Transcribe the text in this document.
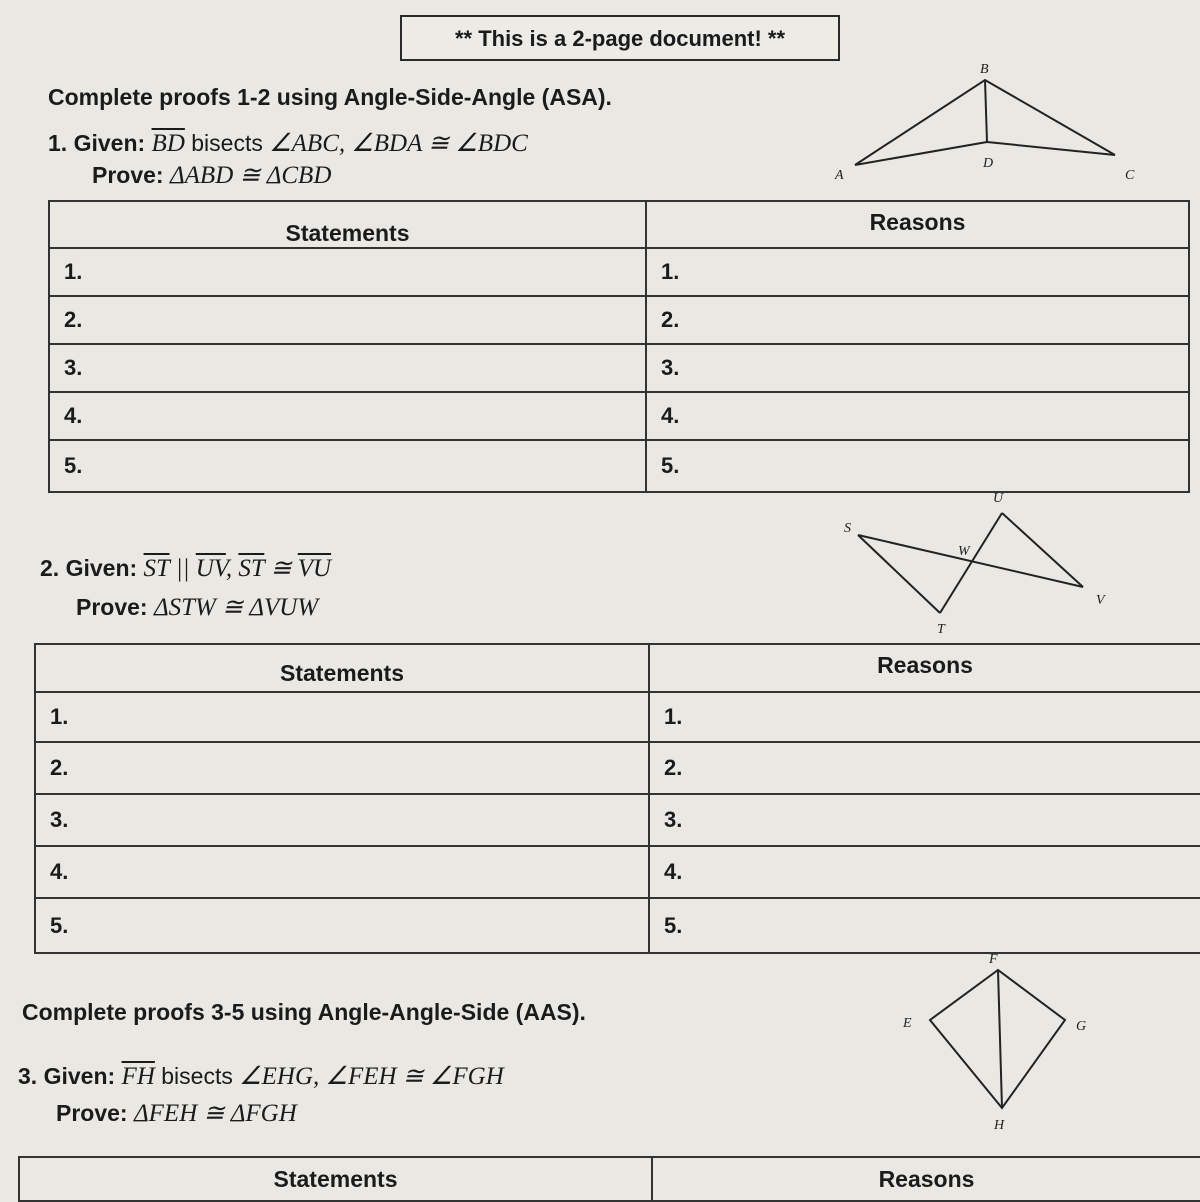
** This is a 2-page document! **
Complete proofs 1-2 using Angle-Side-Angle (ASA).
1. Given: $\overline{BD}$ bisects ∠ABC, ∠BDA ≅ ∠BDC
Prove: ΔABD ≅ ΔCBD
B
A
D
C
Statements	Reasons
1.	1.
2.	2.
3.	3.
4.	4.
5.	5.
S
U
W
T
V
2. Given: $\overline{ST}$ || $\overline{UV}$, $\overline{ST}$ ≅ $\overline{VU}$
Prove: ΔSTW ≅ ΔVUW
Statements	Reasons
1.	1.
2.	2.
3.	3.
4.	4.
5.	5.
Complete proofs 3-5 using Angle-Angle-Side (AAS).
F
E	G
H
3. Given: $\overline{FH}$ bisects ∠EHG, ∠FEH ≅ ∠FGH
Prove: ΔFEH ≅ ΔFGH
Statements	Reasons
